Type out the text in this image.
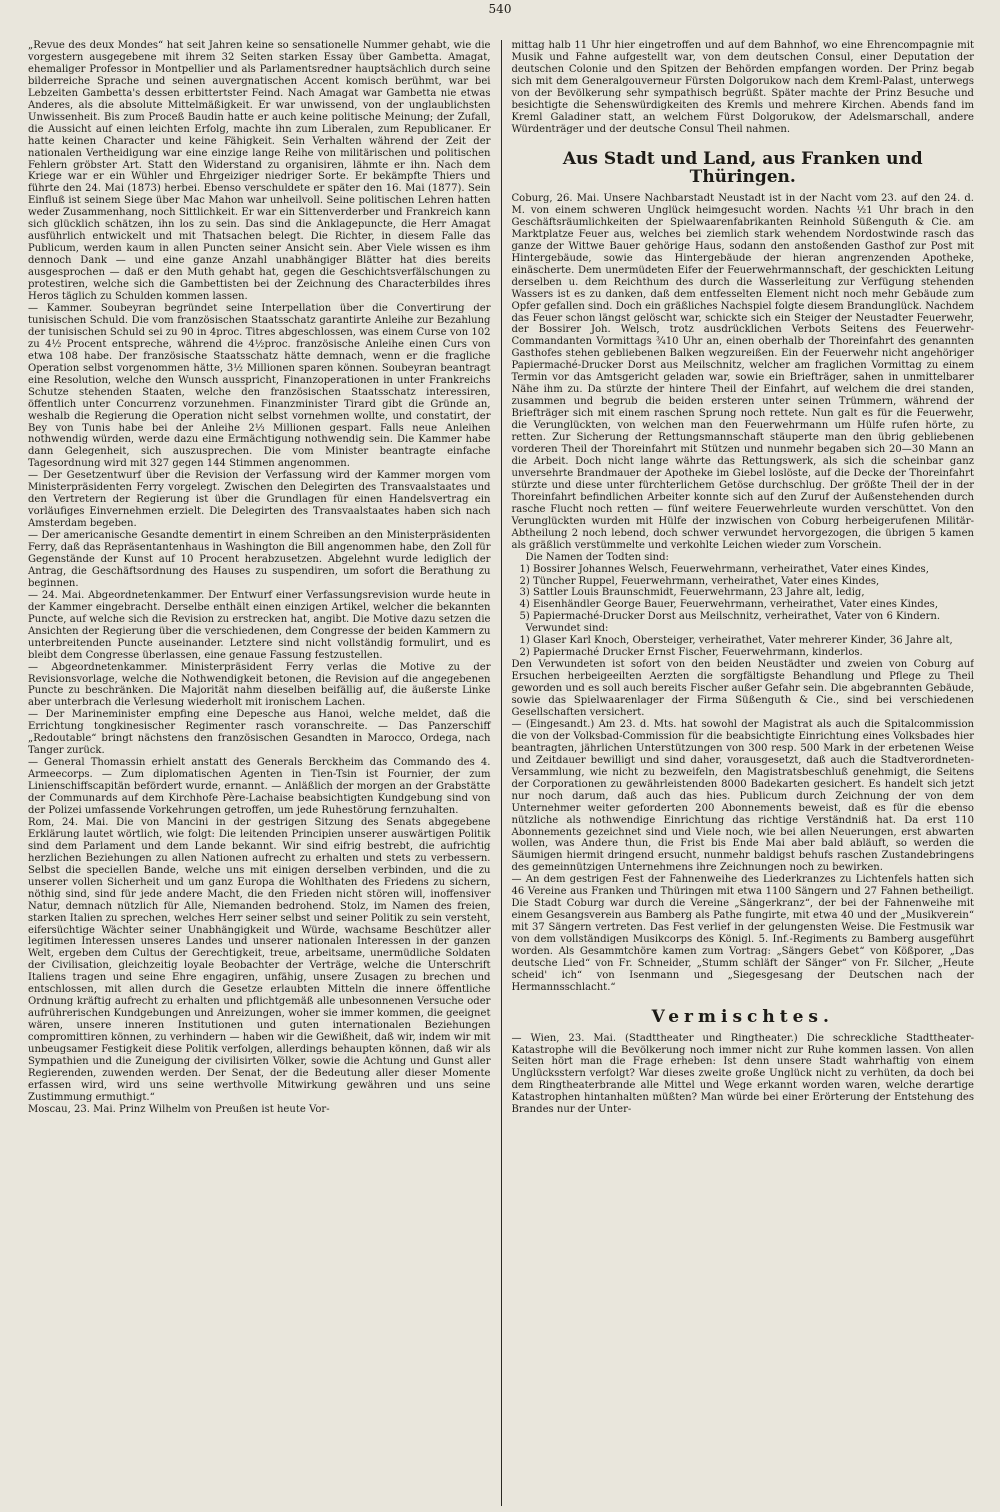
540

„Revue des deux Mondes“ hat seit Jahren keine so sensationelle Nummer gehabt, wie die vorgestern ausgegebene mit ihrem 32 Seiten starken Essay über Gambetta. Amagat, ehemaliger Professor in Montpellier und als Parlamentsredner hauptsächlich durch seine bilderreiche Sprache und seinen auvergnatischen Accent komisch berühmt, war bei Lebzeiten Gambetta's dessen erbittertster Feind. Nach Amagat war Gambetta nie etwas Anderes, als die absolute Mittelmäßigkeit. Er war unwissend, von der unglaublichsten Unwissenheit. Bis zum Proceß Baudin hatte er auch keine politische Meinung; der Zufall, die Aussicht auf einen leichten Erfolg, machte ihn zum Liberalen, zum Republicaner. Er hatte keinen Character und keine Fähigkeit. Sein Verhalten während der Zeit der nationalen Vertheidigung war eine einzige lange Reihe von militärischen und politischen Fehlern gröbster Art. Statt den Widerstand zu organisiren, lähmte er ihn. Nach dem Kriege war er ein Wühler und Ehrgeiziger niedriger Sorte. Er bekämpfte Thiers und führte den 24. Mai (1873) herbei. Ebenso verschuldete er später den 16. Mai (1877). Sein Einfluß ist seinem Siege über Mac Mahon war unheilvoll. Seine politischen Lehren hatten weder Zusammenhang, noch Sittlichkeit. Er war ein Sittenverderber und Frankreich kann sich glücklich schätzen, ihn los zu sein. Das sind die Anklagepuncte, die Herr Amagat ausführlich entwickelt und mit Thatsachen belegt. Die Richter, in diesem Falle das Publicum, werden kaum in allen Puncten seiner Ansicht sein. Aber Viele wissen es ihm dennoch Dank — und eine ganze Anzahl unabhängiger Blätter hat dies bereits ausgesprochen — daß er den Muth gehabt hat, gegen die Geschichtsverfälschungen zu protestiren, welche sich die Gambettisten bei der Zeichnung des Characterbildes ihres Heros täglich zu Schulden kommen lassen.

— Kammer. Soubeyran begründet seine Interpellation über die Convertirung der tunisischen Schuld. Die vom französischen Staatsschatz garantirte Anleihe zur Bezahlung der tunisischen Schuld sei zu 90 in 4proc. Titres abgeschlossen, was einem Curse von 102 zu 4½ Procent entspreche, während die 4½proc. französische Anleihe einen Curs von etwa 108 habe. Der französische Staatsschatz hätte demnach, wenn er die fragliche Operation selbst vorgenommen hätte, 3½ Millionen sparen können. Soubeyran beantragt eine Resolution, welche den Wunsch ausspricht, Finanzoperationen in unter Frankreichs Schutze stehenden Staaten, welche den französischen Staatsschatz interessiren, öffentlich unter Concurrenz vorzunehmen. Finanzminister Tirard gibt die Gründe an, weshalb die Regierung die Operation nicht selbst vornehmen wollte, und constatirt, der Bey von Tunis habe bei der Anleihe 2⅓ Millionen gespart. Falls neue Anleihen nothwendig würden, werde dazu eine Ermächtigung nothwendig sein. Die Kammer habe dann Gelegenheit, sich auszusprechen. Die vom Minister beantragte einfache Tagesordnung wird mit 327 gegen 144 Stimmen angenommen.

— Der Gesetzentwurf über die Revision der Verfassung wird der Kammer morgen vom Ministerpräsidenten Ferry vorgelegt. Zwischen den Delegirten des Transvaalstaates und den Vertretern der Regierung ist über die Grundlagen für einen Handelsvertrag ein vorläufiges Einvernehmen erzielt. Die Delegirten des Transvaalstaates haben sich nach Amsterdam begeben.

— Der americanische Gesandte dementirt in einem Schreiben an den Ministerpräsidenten Ferry, daß das Repräsentantenhaus in Washington die Bill angenommen habe, den Zoll für Gegenstände der Kunst auf 10 Procent herabzusetzen. Abgelehnt wurde lediglich der Antrag, die Geschäftsordnung des Hauses zu suspendiren, um sofort die Berathung zu beginnen.

— 24. Mai. Abgeordnetenkammer. Der Entwurf einer Verfassungsrevision wurde heute in der Kammer eingebracht. Derselbe enthält einen einzigen Artikel, welcher die bekannten Puncte, auf welche sich die Revision zu erstrecken hat, angibt. Die Motive dazu setzen die Ansichten der Regierung über die verschiedenen, dem Congresse der beiden Kammern zu unterbreitenden Puncte auseinander. Letztere sind nicht vollständig formulirt, und es bleibt dem Congresse überlassen, eine genaue Fassung festzustellen.

— Abgeordnetenkammer. Ministerpräsident Ferry verlas die Motive zu der Revisionsvorlage, welche die Nothwendigkeit betonen, die Revision auf die angegebenen Puncte zu beschränken. Die Majorität nahm dieselben beifällig auf, die äußerste Linke aber unterbrach die Verlesung wiederholt mit ironischem Lachen.

— Der Marineminister empfing eine Depesche aus Hanoi, welche meldet, daß die Errichtung tongkinesischer Regimenter rasch voranschreite. — Das Panzerschiff „Redoutable“ bringt nächstens den französischen Gesandten in Marocco, Ordega, nach Tanger zurück.

— General Thomassin erhielt anstatt des Generals Berckheim das Commando des 4. Armeecorps. — Zum diplomatischen Agenten in Tien-Tsin ist Fournier, der zum Linienschiffscapitän befördert wurde, ernannt. — Anläßlich der morgen an der Grabstätte der Communards auf dem Kirchhofe Père-Lachaise beabsichtigten Kundgebung sind von der Polizei umfassende Vorkehrungen getroffen, um jede Ruhestörung fernzuhalten.

Rom, 24. Mai. Die von Mancini in der gestrigen Sitzung des Senats abgegebene Erklärung lautet wörtlich, wie folgt: Die leitenden Principien unserer auswärtigen Politik sind dem Parlament und dem Lande bekannt. Wir sind eifrig bestrebt, die aufrichtig herzlichen Beziehungen zu allen Nationen aufrecht zu erhalten und stets zu verbessern. Selbst die speciellen Bande, welche uns mit einigen derselben verbinden, und die zu unserer vollen Sicherheit und um ganz Europa die Wohlthaten des Friedens zu sichern, nöthig sind, sind für jede andere Macht, die den Frieden nicht stören will, inoffensiver Natur, demnach nützlich für Alle, Niemanden bedrohend. Stolz, im Namen des freien, starken Italien zu sprechen, welches Herr seiner selbst und seiner Politik zu sein versteht, eifersüchtige Wächter seiner Unabhängigkeit und Würde, wachsame Beschützer aller legitimen Interessen unseres Landes und unserer nationalen Interessen in der ganzen Welt, ergeben dem Cultus der Gerechtigkeit, treue, arbeitsame, unermüdliche Soldaten der Civilisation, gleichzeitig loyale Beobachter der Verträge, welche die Unterschrift Italiens tragen und seine Ehre engagiren, unfähig, unsere Zusagen zu brechen und entschlossen, mit allen durch die Gesetze erlaubten Mitteln die innere öffentliche Ordnung kräftig aufrecht zu erhalten und pflichtgemäß alle unbesonnenen Versuche oder aufrührerischen Kundgebungen und Anreizungen, woher sie immer kommen, die geeignet wären, unsere inneren Institutionen und guten internationalen Beziehungen compromittiren können, zu verhindern — haben wir die Gewißheit, daß wir, indem wir mit unbeugsamer Festigkeit diese Politik verfolgen, allerdings behaupten können, daß wir als Sympathien und die Zuneigung der civilisirten Völker, sowie die Achtung und Gunst aller Regierenden, zuwenden werden. Der Senat, der die Bedeutung aller dieser Momente erfassen wird, wird uns seine werthvolle Mitwirkung gewähren und uns seine Zustimmung ermuthigt.“

Moscau, 23. Mai. Prinz Wilhelm von Preußen ist heute Vor-

mittag halb 11 Uhr hier eingetroffen und auf dem Bahnhof, wo eine Ehrencompagnie mit Musik und Fahne aufgestellt war, von dem deutschen Consul, einer Deputation der deutschen Colonie und den Spitzen der Behörden empfangen worden. Der Prinz begab sich mit dem Generalgouverneur Fürsten Dolgorukow nach dem Kreml-Palast, unterwegs von der Bevölkerung sehr sympathisch begrüßt. Später machte der Prinz Besuche und besichtigte die Sehenswürdigkeiten des Kremls und mehrere Kirchen. Abends fand im Kreml Galadiner statt, an welchem Fürst Dolgorukow, der Adelsmarschall, andere Würdenträger und der deutsche Consul Theil nahmen.

Aus Stadt und Land, aus Franken und Thüringen.

Coburg, 26. Mai. Unsere Nachbarstadt Neustadt ist in der Nacht vom 23. auf den 24. d. M. von einem schweren Unglück heimgesucht worden. Nachts ½1 Uhr brach in den Geschäftsräumlichkeiten der Spielwaarenfabrikanten Reinhold Süßenguth & Cie. am Marktplatze Feuer aus, welches bei ziemlich stark wehendem Nordostwinde rasch das ganze der Wittwe Bauer gehörige Haus, sodann den anstoßenden Gasthof zur Post mit Hintergebäude, sowie das Hintergebäude der hieran angrenzenden Apotheke, einäscherte. Dem unermüdeten Eifer der Feuerwehrmannschaft, der geschickten Leitung derselben u. dem Reichthum des durch die Wasserleitung zur Verfügung stehenden Wassers ist es zu danken, daß dem entfesselten Element nicht noch mehr Gebäude zum Opfer gefallen sind. Doch ein gräßliches Nachspiel folgte diesem Brandunglück. Nachdem das Feuer schon längst gelöscht war, schickte sich ein Steiger der Neustadter Feuerwehr, der Bossirer Joh. Welsch, trotz ausdrücklichen Verbots Seitens des Feuerwehr-Commandanten Vormittags ¾10 Uhr an, einen oberhalb der Thoreinfahrt des genannten Gasthofes stehen gebliebenen Balken wegzureißen. Ein der Feuerwehr nicht angehöriger Papiermaché-Drucker Dorst aus Meilschnitz, welcher am fraglichen Vormittag zu einem Termin vor das Amtsgericht geladen war, sowie ein Briefträger, sahen in unmittelbarer Nähe ihm zu. Da stürzte der hintere Theil der Einfahrt, auf welchem die drei standen, zusammen und begrub die beiden ersteren unter seinen Trümmern, während der Briefträger sich mit einem raschen Sprung noch rettete. Nun galt es für die Feuerwehr, die Verunglückten, von welchen man den Feuerwehrmann um Hülfe rufen hörte, zu retten. Zur Sicherung der Rettungsmannschaft stäuperte man den übrig gebliebenen vorderen Theil der Thoreinfahrt mit Stützen und nunmehr begaben sich 20—30 Mann an die Arbeit. Doch nicht lange währte das Rettungswerk, als sich die scheinbar ganz unversehrte Brandmauer der Apotheke im Giebel loslöste, auf die Decke der Thoreinfahrt stürzte und diese unter fürchterlichem Getöse durchschlug. Der größte Theil der in der Thoreinfahrt befindlichen Arbeiter konnte sich auf den Zuruf der Außenstehenden durch rasche Flucht noch retten — fünf weitere Feuerwehrleute wurden verschüttet. Von den Verunglückten wurden mit Hülfe der inzwischen von Coburg herbeigerufenen Militär-Abtheilung 2 noch lebend, doch schwer verwundet hervorgezogen, die übrigen 5 kamen als gräßlich verstümmelte und verkohlte Leichen wieder zum Vorschein.

Die Namen der Todten sind:

1) Bossirer Johannes Welsch, Feuerwehrmann, verheirathet, Vater eines Kindes,
2) Tüncher Ruppel, Feuerwehrmann, verheirathet, Vater eines Kindes,
3) Sattler Louis Braunschmidt, Feuerwehrmann, 23 Jahre alt, ledig,
4) Eisenhändler George Bauer, Feuerwehrmann, verheirathet, Vater eines Kindes,
5) Papiermaché-Drucker Dorst aus Meilschnitz, verheirathet, Vater von 6 Kindern.

Verwundet sind:

1) Glaser Karl Knoch, Obersteiger, verheirathet, Vater mehrerer Kinder, 36 Jahre alt,
2) Papiermaché Drucker Ernst Fischer, Feuerwehrmann, kinderlos.

Den Verwundeten ist sofort von den beiden Neustädter und zweien von Coburg auf Ersuchen herbeigeeilten Aerzten die sorgfältigste Behandlung und Pflege zu Theil geworden und es soll auch bereits Fischer außer Gefahr sein. Die abgebrannten Gebäude, sowie das Spielwaarenlager der Firma Süßenguth & Cie., sind bei verschiedenen Gesellschaften versichert.

— (Eingesandt.) Am 23. d. Mts. hat sowohl der Magistrat als auch die Spitalcommission die von der Volksbad-Commission für die beabsichtigte Einrichtung eines Volksbades hier beantragten, jährlichen Unterstützungen von 300 resp. 500 Mark in der erbetenen Weise und Zeitdauer bewilligt und sind daher, vorausgesetzt, daß auch die Stadtverordneten-Versammlung, wie nicht zu bezweifeln, den Magistratsbeschluß genehmigt, die Seitens der Corporationen zu gewährleistenden 8000 Badekarten gesichert. Es handelt sich jetzt nur noch darum, daß auch das hies. Publicum durch Zeichnung der von dem Unternehmer weiter geforderten 200 Abonnements beweist, daß es für die ebenso nützliche als nothwendige Einrichtung das richtige Verständniß hat. Da erst 110 Abonnements gezeichnet sind und Viele noch, wie bei allen Neuerungen, erst abwarten wollen, was Andere thun, die Frist bis Ende Mai aber bald abläuft, so werden die Säumigen hiermit dringend ersucht, nunmehr baldigst behufs raschen Zustandebringens des gemeinnützigen Unternehmens ihre Zeichnungen noch zu bewirken.

— An dem gestrigen Fest der Fahnenweihe des Liederkranzes zu Lichtenfels hatten sich 46 Vereine aus Franken und Thüringen mit etwa 1100 Sängern und 27 Fahnen betheiligt. Die Stadt Coburg war durch die Vereine „Sängerkranz“, der bei der Fahnenweihe mit einem Gesangsverein aus Bamberg als Pathe fungirte, mit etwa 40 und der „Musikverein“ mit 37 Sängern vertreten. Das Fest verlief in der gelungensten Weise. Die Festmusik war von dem vollständigen Musikcorps des Königl. 5. Inf.-Regiments zu Bamberg ausgeführt worden. Als Gesammtchöre kamen zum Vortrag: „Sängers Gebet“ von Kößporer, „Das deutsche Lied“ von Fr. Schneider, „Stumm schläft der Sänger“ von Fr. Silcher, „Heute scheid' ich“ von Isenmann und „Siegesgesang der Deutschen nach der Hermannsschlacht.“

Vermischtes.

— Wien, 23. Mai. (Stadttheater und Ringtheater.) Die schreckliche Stadttheater-Katastrophe will die Bevölkerung noch immer nicht zur Ruhe kommen lassen. Von allen Seiten hört man die Frage erheben: Ist denn unsere Stadt wahrhaftig von einem Unglücksstern verfolgt? War dieses zweite große Unglück nicht zu verhüten, da doch bei dem Ringtheaterbrande alle Mittel und Wege erkannt worden waren, welche derartige Katastrophen hintanhalten müßten? Man würde bei einer Erörterung der Entstehung des Brandes nur der Unter-
